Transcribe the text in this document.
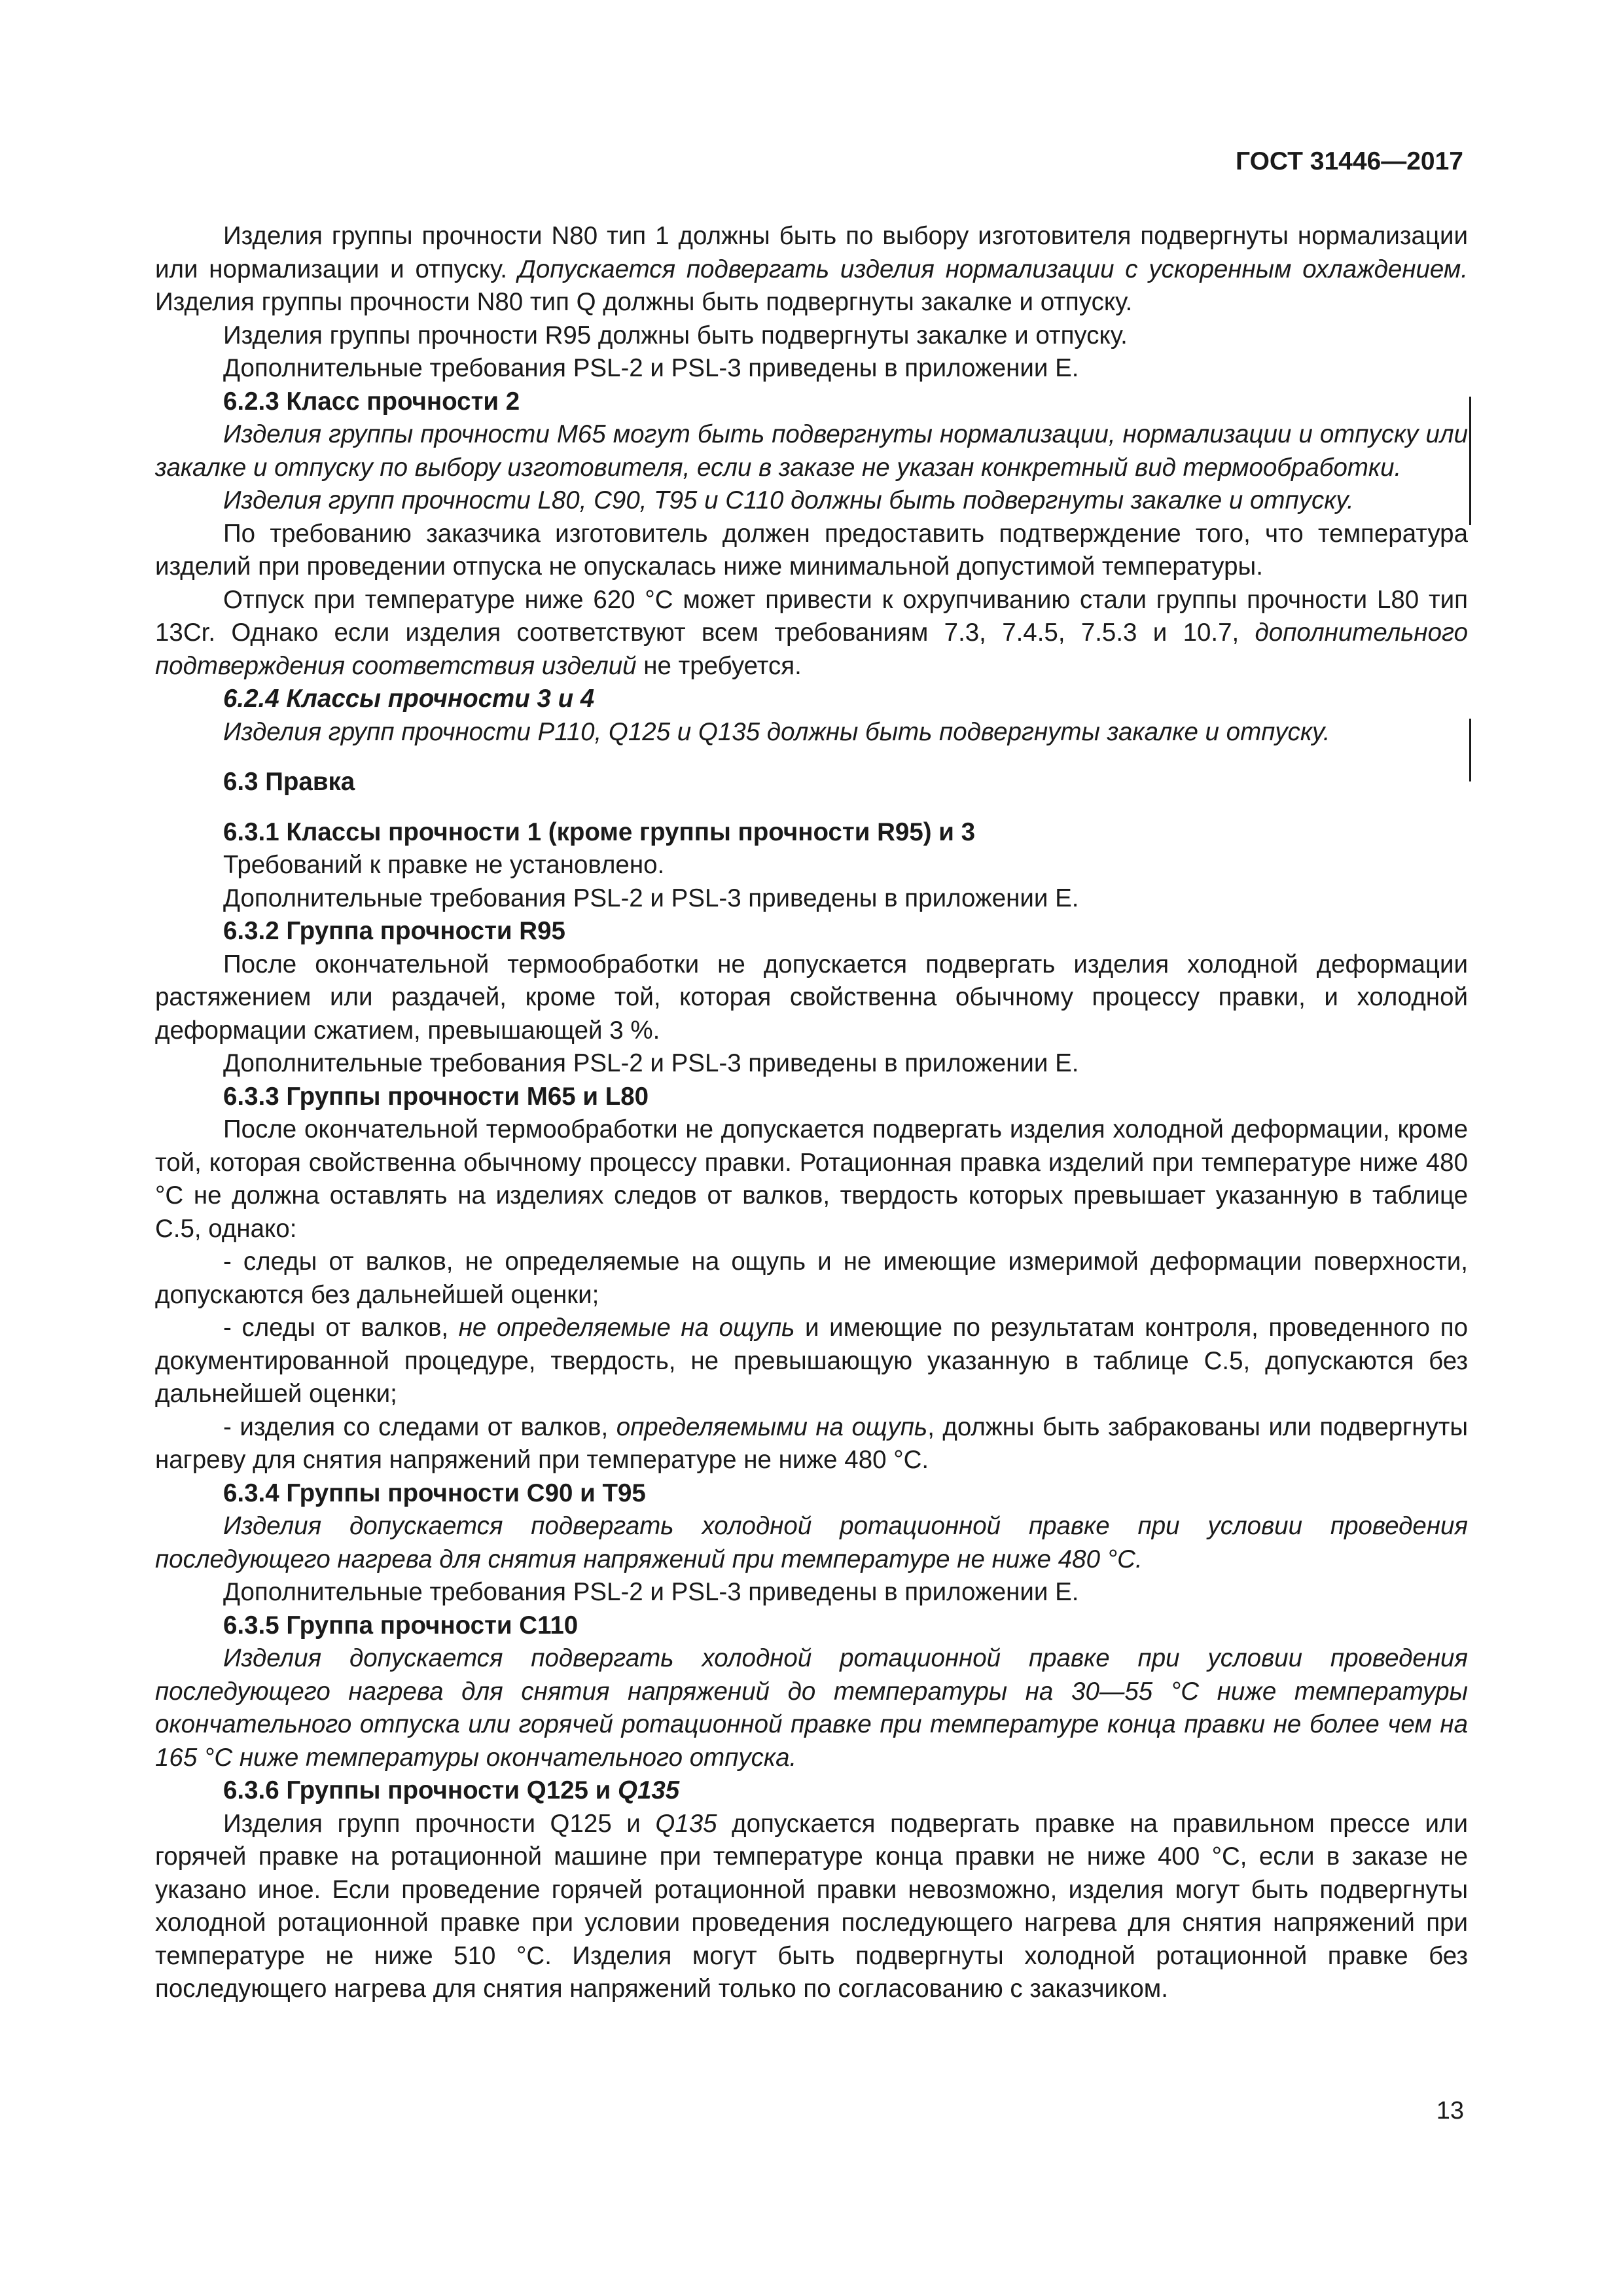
ГОСТ 31446—2017

Изделия группы прочности N80 тип 1 должны быть по выбору изготовителя подвергнуты нормализации или нормализации и отпуску. Допускается подвергать изделия нормализации с ускоренным охлаждением. Изделия группы прочности N80 тип Q должны быть подвергнуты закалке и отпуску.

Изделия группы прочности R95 должны быть подвергнуты закалке и отпуску.

Дополнительные требования PSL-2 и PSL-3 приведены в приложении Е.

6.2.3 Класс прочности 2

Изделия группы прочности M65 могут быть подвергнуты нормализации, нормализации и отпуску или закалке и отпуску по выбору изготовителя, если в заказе не указан конкретный вид термообработки.

Изделия групп прочности L80, C90, T95 и C110 должны быть подвергнуты закалке и отпуску.

По требованию заказчика изготовитель должен предоставить подтверждение того, что температура изделий при проведении отпуска не опускалась ниже минимальной допустимой температуры.

Отпуск при температуре ниже 620 °С может привести к охрупчиванию стали группы прочности L80 тип 13Cr. Однако если изделия соответствуют всем требованиям 7.3, 7.4.5, 7.5.3 и 10.7, дополнительного подтверждения соответствия изделий не требуется.

6.2.4 Классы прочности 3 и 4

Изделия групп прочности P110, Q125 и Q135 должны быть подвергнуты закалке и отпуску.

6.3 Правка

6.3.1 Классы прочности 1 (кроме группы прочности R95) и 3

Требований к правке не установлено.

Дополнительные требования PSL-2 и PSL-3 приведены в приложении Е.

6.3.2 Группа прочности R95

После окончательной термообработки не допускается подвергать изделия холодной деформации растяжением или раздачей, кроме той, которая свойственна обычному процессу правки, и холодной деформации сжатием, превышающей 3 %.

Дополнительные требования PSL-2 и PSL-3 приведены в приложении Е.

6.3.3 Группы прочности M65 и L80

После окончательной термообработки не допускается подвергать изделия холодной деформации, кроме той, которая свойственна обычному процессу правки. Ротационная правка изделий при температуре ниже 480 °С не должна оставлять на изделиях следов от валков, твердость которых превышает указанную в таблице С.5, однако:

- следы от валков, не определяемые на ощупь и не имеющие измеримой деформации поверхности, допускаются без дальнейшей оценки;

- следы от валков, не определяемые на ощупь и имеющие по результатам контроля, проведенного по документированной процедуре, твердость, не превышающую указанную в таблице С.5, допускаются без дальнейшей оценки;

- изделия со следами от валков, определяемыми на ощупь, должны быть забракованы или подвергнуты нагреву для снятия напряжений при температуре не ниже 480 °С.

6.3.4 Группы прочности C90 и T95

Изделия допускается подвергать холодной ротационной правке при условии проведения последующего нагрева для снятия напряжений при температуре не ниже 480 °С.

Дополнительные требования PSL-2 и PSL-3 приведены в приложении Е.

6.3.5 Группа прочности C110

Изделия допускается подвергать холодной ротационной правке при условии проведения последующего нагрева для снятия напряжений до температуры на 30—55 °С ниже температуры окончательного отпуска или горячей ротационной правке при температуре конца правки не более чем на 165 °С ниже температуры окончательного отпуска.

6.3.6 Группы прочности Q125 и Q135

Изделия групп прочности Q125 и Q135 допускается подвергать правке на правильном прессе или горячей правке на ротационной машине при температуре конца правки не ниже 400 °С, если в заказе не указано иное. Если проведение горячей ротационной правки невозможно, изделия могут быть подвергнуты холодной ротационной правке при условии проведения последующего нагрева для снятия напряжений при температуре не ниже 510 °С. Изделия могут быть подвергнуты холодной ротационной правке без последующего нагрева для снятия напряжений только по согласованию с заказчиком.

13
